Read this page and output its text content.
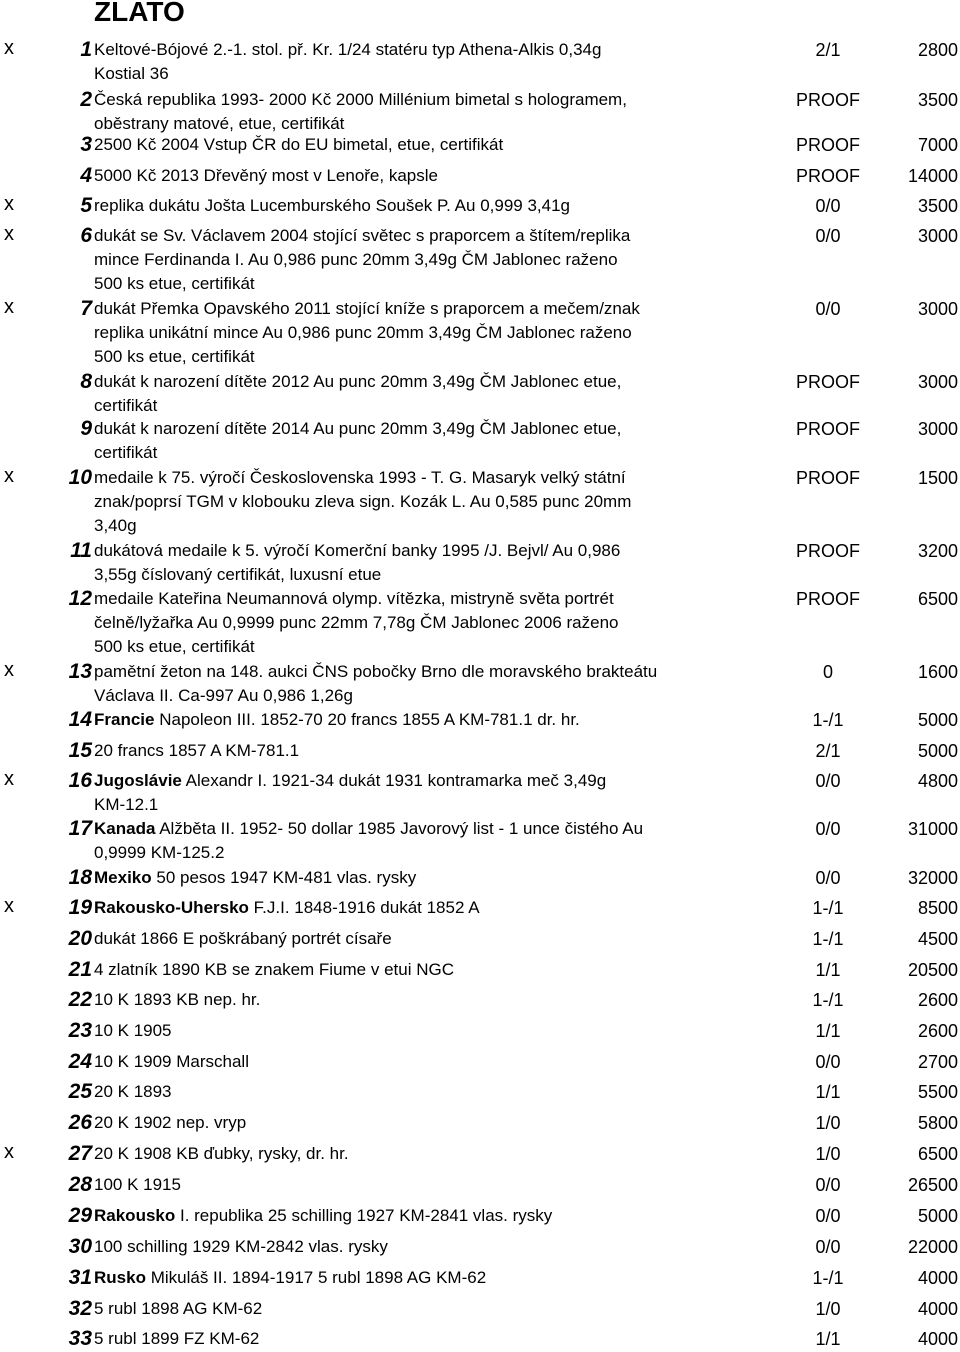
ZLATO
x	1 Keltové-Bójové 2.-1. stol. př. Kr. 1/24 statéru typ Athena-Alkis 0,34g
Kostial 36
2/1	2800
2 Česká republika 1993- 2000 Kč 2000 Millénium bimetal s hologramem,
oběstrany matové, etue, certifikát
PROOF	3500
3 2500 Kč 2004 Vstup ČR do EU bimetal, etue, certifikát	PROOF	7000
4 5000 Kč 2013 Dřevěný most v Lenoře, kapsle	PROOF	14000
x	5 replika dukátu Jošta Lucemburského Soušek P. Au 0,999 3,41g	0/0	3500
x	6 dukát se Sv. Václavem 2004 stojící světec s praporcem a štítem/replika
mince Ferdinanda I. Au 0,986 punc 20mm 3,49g ČM Jablonec raženo
500 ks etue, certifikát
0/0	3000
x	7 dukát Přemka Opavského 2011 stojící kníže s praporcem a mečem/znak
replika unikátní mince Au 0,986 punc 20mm 3,49g ČM Jablonec raženo
500 ks etue, certifikát
0/0	3000
8 dukát k narození dítěte 2012 Au punc 20mm 3,49g ČM Jablonec etue,
certifikát
PROOF	3000
9 dukát k narození dítěte 2014 Au punc 20mm 3,49g ČM Jablonec etue,
certifikát
PROOF	3000
x	10 medaile k 75. výročí Československa 1993 - T. G. Masaryk velký státní
znak/poprsí TGM v klobouku zleva sign. Kozák L. Au 0,585 punc 20mm
3,40g
PROOF	1500
11 dukátová medaile k 5. výročí Komerční banky 1995 /J. Bejvl/ Au 0,986
3,55g číslovaný certifikát, luxusní etue
PROOF	3200
12 medaile Kateřina Neumannová olymp. vítězka, mistryně světa portrét
čelně/lyžařka Au 0,9999 punc 22mm 7,78g ČM Jablonec 2006 raženo
500 ks etue, certifikát
PROOF	6500
x	13 pamětní žeton na 148. aukci ČNS pobočky Brno dle moravského brakteátu
Václava II. Ca-997 Au 0,986 1,26g
0	1600
14 Francie Napoleon III. 1852-70 20 francs 1855 A KM-781.1 dr. hr.	1-/1	5000
15 20 francs 1857 A KM-781.1	2/1	5000
x	16 Jugoslávie Alexandr I. 1921-34 dukát 1931 kontramarka meč 3,49g
KM-12.1
0/0	4800
17 Kanada Alžběta II. 1952- 50 dollar 1985 Javorový list - 1 unce čistého Au
0,9999 KM-125.2
0/0	31000
18 Mexiko 50 pesos 1947 KM-481 vlas. rysky	0/0	32000
x	19 Rakousko-Uhersko F.J.I. 1848-1916 dukát 1852 A	1-/1	8500
20 dukát 1866 E poškrábaný portrét císaře	1-/1	4500
21 4 zlatník 1890 KB se znakem Fiume v etui NGC	1/1	20500
22 10 K 1893 KB nep. hr.	1-/1	2600
23 10 K 1905	1/1	2600
24 10 K 1909 Marschall	0/0	2700
25 20 K 1893	1/1	5500
26 20 K 1902 nep. vryp	1/0	5800
x	27 20 K 1908 KB ďubky, rysky, dr. hr.	1/0	6500
28 100 K 1915	0/0	26500
29 Rakousko I. republika 25 schilling 1927 KM-2841 vlas. rysky	0/0	5000
30 100 schilling 1929 KM-2842 vlas. rysky	0/0	22000
31 Rusko Mikuláš II. 1894-1917 5 rubl 1898 AG KM-62	1-/1	4000
32 5 rubl 1898 AG KM-62	1/0	4000
33 5 rubl 1899 FZ KM-62	1/1	4000
